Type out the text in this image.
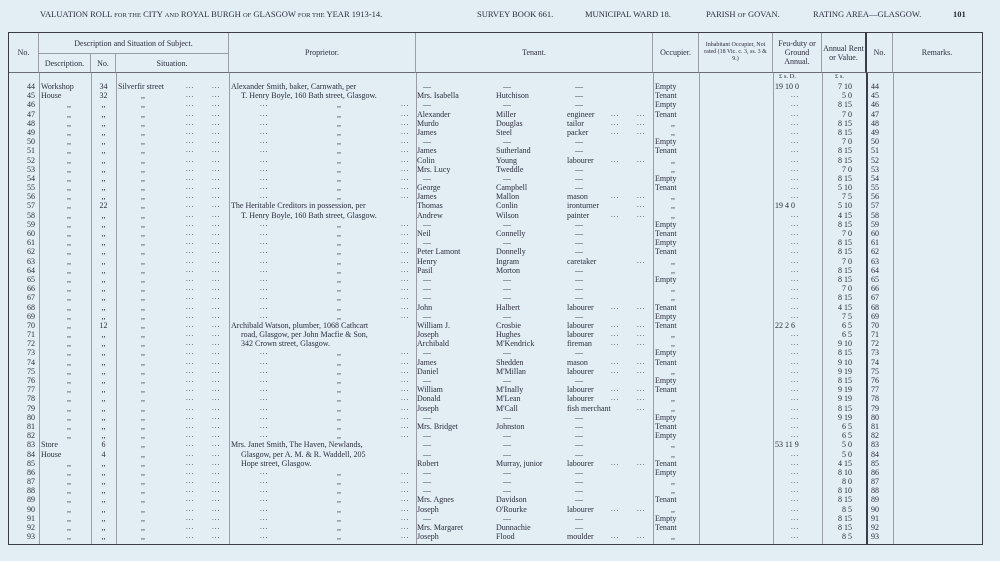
VALUATION ROLL FOR THE CITY AND ROYAL BURGH OF GLASGOW FOR THE YEAR 1913-14.	SURVEY BOOK 661.	MUNICIPAL WARD 18.	PARISH OF GOVAN.	RATING AREA—GLASGOW.	101
No.
Description and Situation of Subject.
Description.	No.	Situation.
Proprietor.	Tenant.	Occupier.
Inhabitant Occupier, Not rated (18 Vic. c. 3, ss. 3 & 9.)
Feu-duty or Ground Annual.
Annual Rent or Value.	No.	Remarks.
£ s. D.	£ s.
44 Workshop	34	Silverfir street	...	... Alexander Smith, baker, Carnwath, per	—	—	—	Empty	19 10 0	7 10 44
45 House	32	,,	...	...	T. Henry Boyle, 160 Bath street, Glasgow.	Mrs. Isabella	Hutchison	—	Tenant	...	5 0 45
46	,,	,,	,,	...	...	...	,,	... —	—	—	Empty	...	8 15 46
47	,,	,,	,,	...	...	...	,,	... Alexander	Miller	engineer ...	... Tenant	...	7 0 47
48	,,	,,	,,	...	...	...	,,	... Murdo	Douglas	tailor	...	...	,,	...	8 15 48
49	,,	,,	,,	...	...	...	,,	... James	Steel	packer	...	...	,,	...	8 15 49
50	,,	,,	,,	...	...	...	,,	... —	—	—	Empty	...	7 0 50
51	,,	,,	,,	...	...	...	,,	... James	Sutherland	—	Tenant	...	8 15 51
52	,,	,,	,,	...	...	...	,,	... Colin	Young	labourer ...	...	,,	...	8 15 52
53	,,	,,	,,	...	...	...	,,	... Mrs. Lucy	Tweddle	—	,,	...	7 0 53
54	,,	,,	,,	...	...	...	,,	... —	—	—	Empty	...	8 15 54
55	,,	,,	,,	...	...	...	,,	... George	Campbell	—	Tenant	...	5 10 55
56	,,	,,	,,	...	...	...	,,	... James	Mallon	mason	...	...	,,	...	7 5 56
57	,,	22	,,	...	... The Heritable Creditors in possession, per	Thomas	Conlin	ironturner	...	,,	19 4 0	5 10 57
58	,,	,,	,,	...	...	T. Henry Boyle, 160 Bath street, Glasgow.	Andrew	Wilson	painter	...	...	,,	...	4 15 58
59	,,	,,	,,	...	...	...	,,	... —	—	—	Empty	...	8 15 59
60	,,	,,	,,	...	...	...	,,	... Neil	Connelly	—	Tenant	...	7 0 60
61	,,	,,	,,	...	...	...	,,	... —	—	—	Empty	...	8 15 61
62	,,	,,	,,	...	...	...	,,	... Peter Lamont	Donnelly	—	Tenant	...	8 15 62
63	,,	,,	,,	...	...	...	,,	... Henry	Ingram	caretaker	...	,,	...	7 0 63
64	,,	,,	,,	...	...	...	,,	... Pasil	Morton	—	,,	...	8 15 64
65	,,	,,	,,	...	...	...	,,	... —	—	—	Empty	...	8 15 65
66	,,	,,	,,	...	...	...	,,	... —	—	—	,,	...	7 0 66
67	,,	,,	,,	...	...	...	,,	... —	—	—	,,	...	8 15 67
68	,,	,,	,,	...	...	...	,,	... John	Halbert	labourer ...	... Tenant	...	4 15 68
69	,,	,,	,,	...	...	...	,,	... —	—	—	Empty	...	7 5 69
70	,,	12	,,	...	... Archibald Watson, plumber, 1068 Cathcart	William J.	Crosbie	labourer ...	... Tenant	22 2 6	6 5 70
71	,,	,,	,,	...	...	road, Glasgow, per John Macfie & Son,	Joseph	Hughes	labourer ...	...	,,	...	6 5 71
72	,,	,,	,,	...	...	342 Crown street, Glasgow.	Archibald	M'Kendrick	fireman	...	...	,,	...	9 10 72
73	,,	,,	,,	...	...	...	,,	... —	—	—	Empty	...	8 15 73
74	,,	,,	,,	...	...	...	,,	... James	Shedden	mason	...	... Tenant	...	9 10 74
75	,,	,,	,,	...	...	...	,,	... Daniel	M'Millan	labourer ...	...	,,	...	9 19 75
76	,,	,,	,,	...	...	...	,,	... —	—	—	Empty	...	8 15 76
77	,,	,,	,,	...	...	...	,,	... William	M'Inally	labourer ...	... Tenant	...	9 19 77
78	,,	,,	,,	...	...	...	,,	... Donald	M'Lean	labourer ...	...	,,	...	9 19 78
79	,,	,,	,,	...	...	...	,,	... Joseph	M'Call	fish merchant	...	,,	...	8 15 79
80	,,	,,	,,	...	...	...	,,	... —	—	—	Empty	...	9 19 80
81	,,	,,	,,	...	...	...	,,	... Mrs. Bridget	Johnston	—	Tenant	...	6 5 81
82	,,	,,	,,	...	...	...	,,	... —	—	—	Empty	...	6 5 82
83 Store	6	,,	...	... Mrs. Janet Smith, The Haven, Newlands,	—	—	—	,,	53 11 9	5 0 83
84 House	4	,,	...	...	Glasgow, per A. M. & R. Waddell, 205	—	—	—	,,	...	5 0 84
85	,,	,,	,,	...	...	Hope street, Glasgow.	Robert	Murray, junior	labourer ...	... Tenant	...	4 15 85
86	,,	,,	,,	...	...	...	,,	... —	—	—	Empty	...	8 10 86
87	,,	,,	,,	...	...	...	,,	... —	—	—	,,	...	8 0 87
88	,,	,,	,,	...	...	...	,,	... —	—	—	,,	...	8 10 88
89	,,	,,	,,	...	...	...	,,	... Mrs. Agnes	Davidson	—	Tenant	...	8 15 89
90	,,	,,	,,	...	...	...	,,	... Joseph	O'Rourke	labourer ...	...	,,	...	8 5 90
91	,,	,,	,,	...	...	...	,,	... —	—	—	Empty	...	8 15 91
92	,,	,,	,,	...	...	...	,,	... Mrs. Margaret	Dunnachie	—	Tenant	...	8 15 92
93	,,	,,	,,	...	...	...	,,	... Joseph	Flood	moulder ...	...	,,	...	8 5 93
